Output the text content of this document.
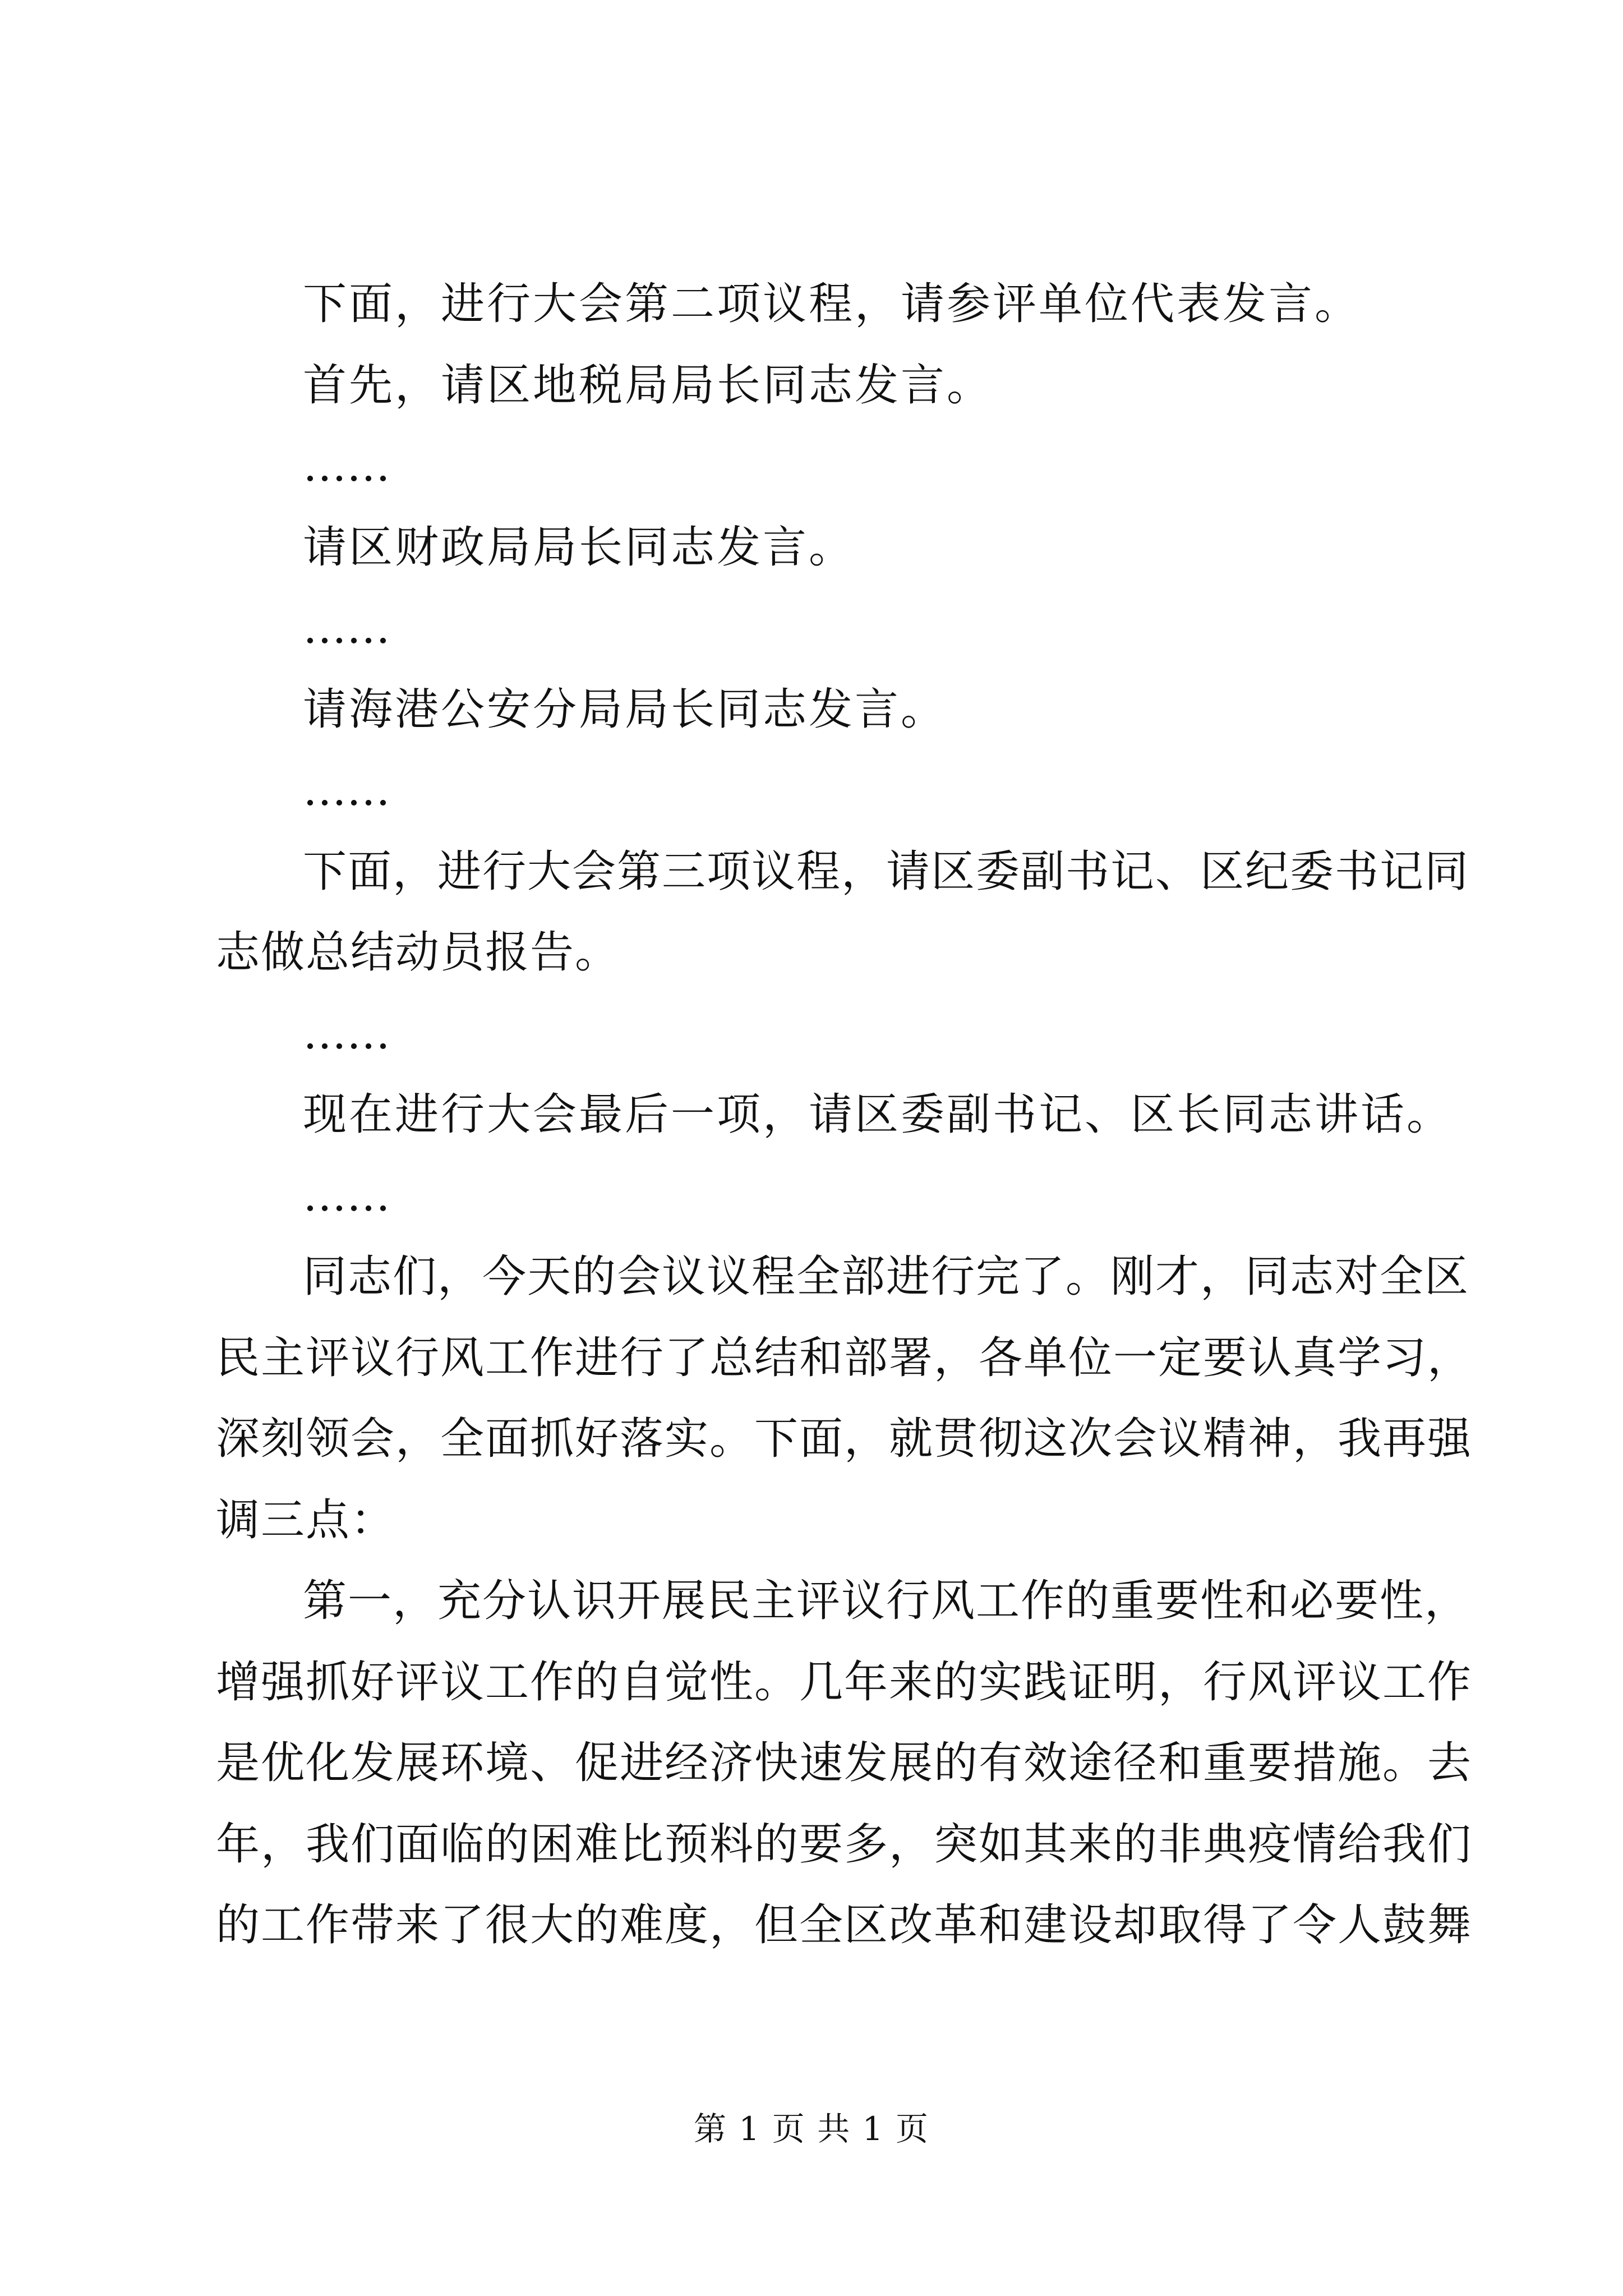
下面，进行大会第二项议程，请参评单位代表发言。
首先，请区地税局局长同志发言。
……
请区财政局局长同志发言。
……
请海港公安分局局长同志发言。
……
下面，进行大会第三项议程，请区委副书记、区纪委书记同
志做总结动员报告。
……
现在进行大会最后一项，请区委副书记、区长同志讲话。
……
同志们，今天的会议议程全部进行完了。刚才，同志对全区
民主评议行风工作进行了总结和部署，各单位一定要认真学习，
深刻领会，全面抓好落实。下面，就贯彻这次会议精神，我再强
调三点：
第一，充分认识开展民主评议行风工作的重要性和必要性，
增强抓好评议工作的自觉性。几年来的实践证明，行风评议工作
是优化发展环境、促进经济快速发展的有效途径和重要措施。去
年，我们面临的困难比预料的要多，突如其来的非典疫情给我们
的工作带来了很大的难度，但全区改革和建设却取得了令人鼓舞
第 1 页 共 1 页
